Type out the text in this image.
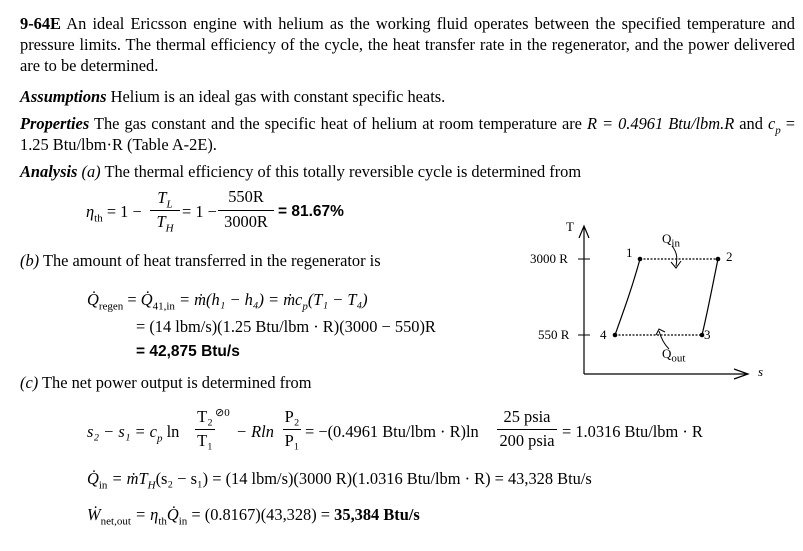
9-64E An ideal Ericsson engine with helium as the working fluid operates between the specified temperature and pressure limits. The thermal efficiency of the cycle, the heat transfer rate in the regenerator, and the power delivered are to be determined.
Assumptions Helium is an ideal gas with constant specific heats.
Properties The gas constant and the specific heat of helium at room temperature are R = 0.4961 Btu/lbm.R and $c_p = 1.25$ Btu/lbm·R (Table A-2E).
Analysis (a) The thermal efficiency of this totally reversible cycle is determined from
$\eta_{th} = 1$ −
$T_L$
$T_H$
= 1 −
550R
3000R
= 81.67%
(b) The amount of heat transferred in the regenerator is
$Q̇_{regen}$ = $Q̇_{41,in}$ = ṁ(h₁ − h₄) = ṁc$_p$(T₁ − T₄)
= (14 lbm/s)(1.25 Btu/lbm · R)(3000 − 550)R
= 42,875 Btu/s
(c) The net power output is determined from
$s_2 - s_1 = c_p$ ln
T₂ ⊘0
T₁ − Rln
P₂
P₁ = −(0.4961 Btu/lbm · R)ln
25 psia
200 psia = 1.0316 Btu/lbm · R
$Q̇_{in}$ = ṁT$_H$(s₂ − s₁) = (14 lbm/s)(3000 R)(1.0316 Btu/lbm · R) = 43,328 Btu/s
Ẇ$_{net,out}$ = $\eta_{th}Q̇_{in} = (0.8167)(43,328) = 35,384$ Btu/s
T
s
3000 R
550 R
1	2
3
4
$Q_{in}$
$Q_{out}$
